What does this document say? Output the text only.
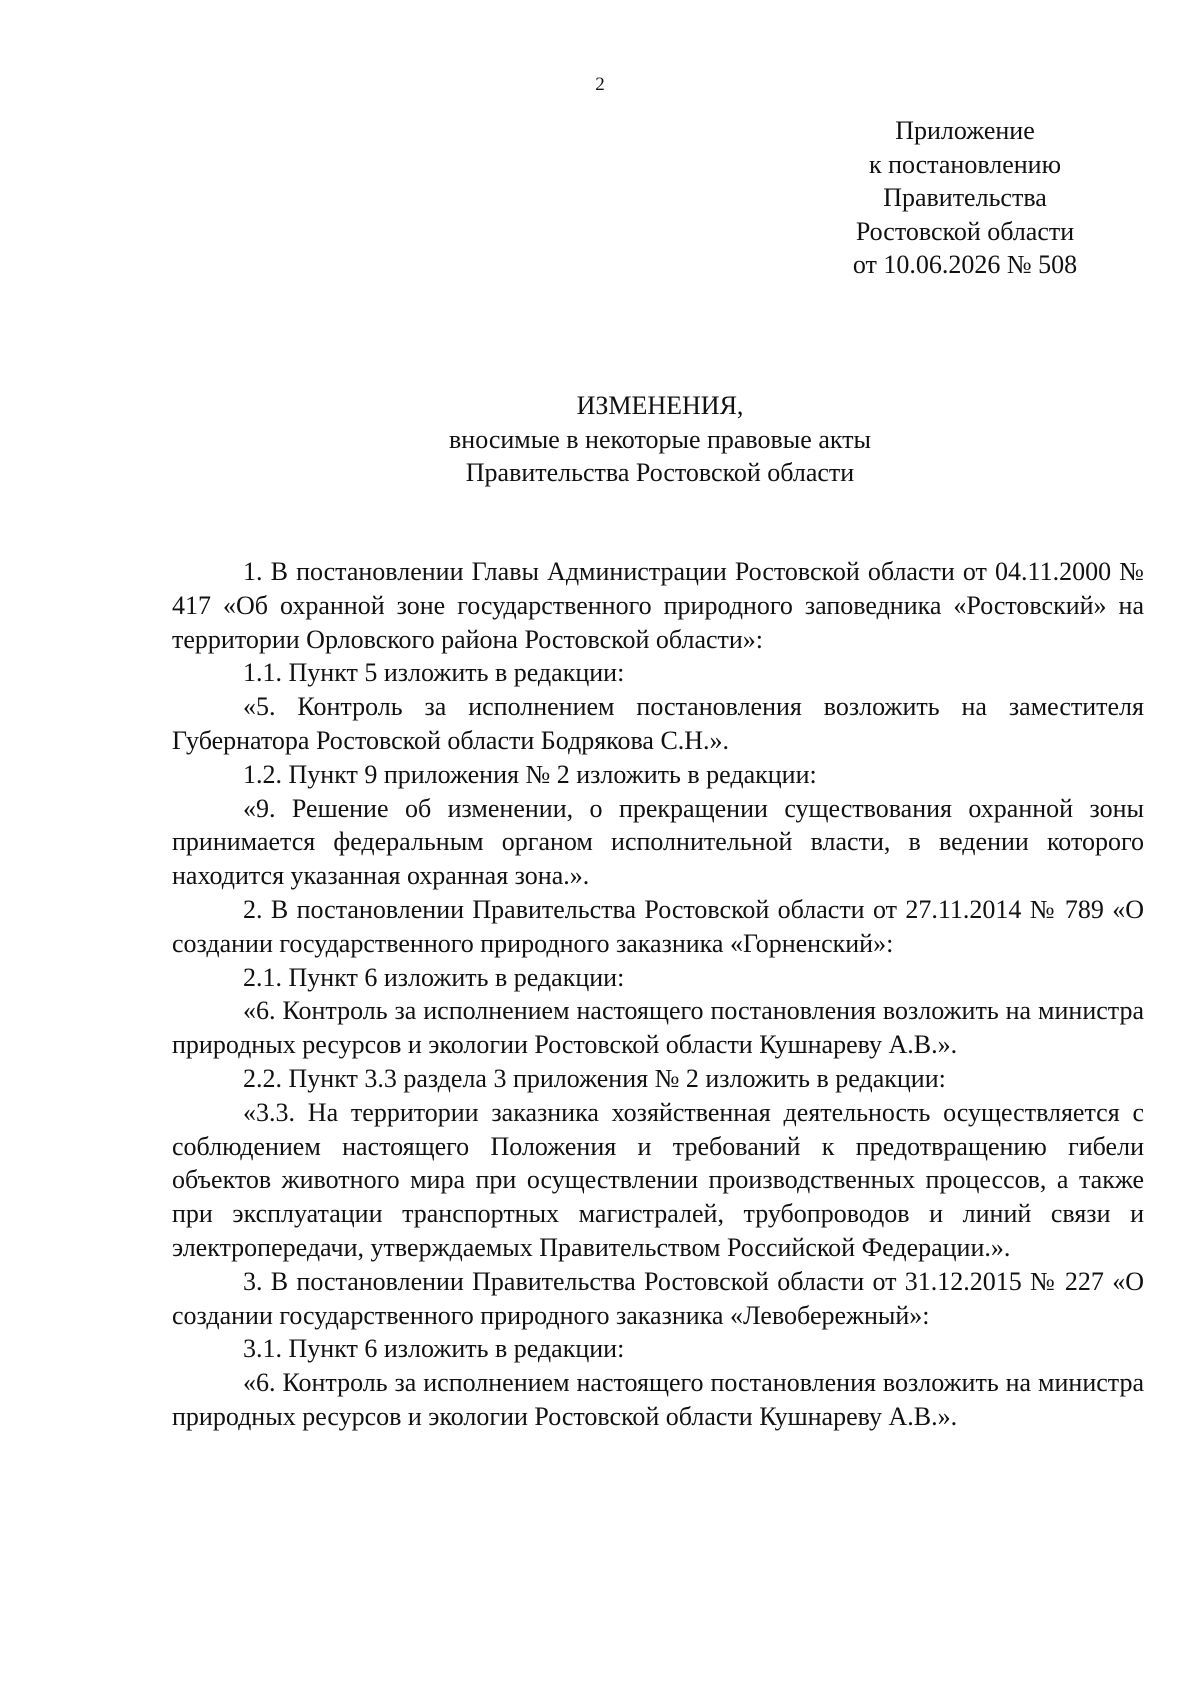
2
Приложение
к постановлению
Правительства
Ростовской области
от 10.06.2026 № 508
ИЗМЕНЕНИЯ,
вносимые в некоторые правовые акты
Правительства Ростовской области

1. В постановлении Главы Администрации Ростовской области от 04.11.2000 № 417 «Об охранной зоне государственного природного заповедника «Ростовский» на территории Орловского района Ростовской области»:

1.1. Пункт 5 изложить в редакции:

«5. Контроль за исполнением постановления возложить на заместителя Губернатора Ростовской области Бодрякова С.Н.».

1.2. Пункт 9 приложения № 2 изложить в редакции:

«9. Решение об изменении, о прекращении существования охранной зоны принимается федеральным органом исполнительной власти, в ведении которого находится указанная охранная зона.».

2. В постановлении Правительства Ростовской области от 27.11.2014 № 789 «О создании государственного природного заказника «Горненский»:

2.1. Пункт 6 изложить в редакции:

«6. Контроль за исполнением настоящего постановления возложить на министра природных ресурсов и экологии Ростовской области Кушнареву А.В.».

2.2. Пункт 3.3 раздела 3 приложения № 2 изложить в редакции:

«3.3. На территории заказника хозяйственная деятельность осуществляется с соблюдением настоящего Положения и требований к предотвращению гибели объектов животного мира при осуществлении производственных процессов, а также при эксплуатации транспортных магистралей, трубопроводов и линий связи и электропередачи, утверждаемых Правительством Российской Федерации.».

3. В постановлении Правительства Ростовской области от 31.12.2015 № 227 «О создании государственного природного заказника «Левобережный»:

3.1. Пункт 6 изложить в редакции:

«6. Контроль за исполнением настоящего постановления возложить на министра природных ресурсов и экологии Ростовской области Кушнареву А.В.».
